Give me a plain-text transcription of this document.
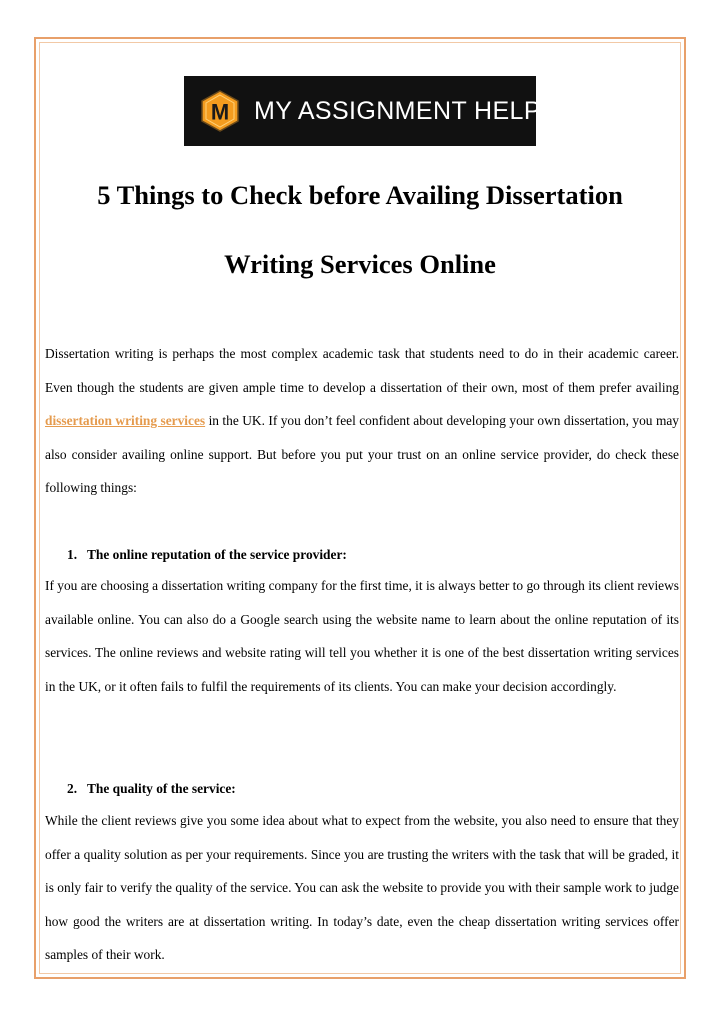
M MY ASSIGNMENT HELP
5 Things to Check before Availing Dissertation
Writing Services Online

Dissertation writing is perhaps the most complex academic task that students need to do in their academic career. Even though the students are given ample time to develop a dissertation of their own, most of them prefer availing dissertation writing services in the UK. If you don’t feel confident about developing your own dissertation, you may also consider availing online support. But before you put your trust on an online service provider, do check these following things:

1. The online reputation of the service provider:

If you are choosing a dissertation writing company for the first time, it is always better to go through its client reviews available online. You can also do a Google search using the website name to learn about the online reputation of its services. The online reviews and website rating will tell you whether it is one of the best dissertation writing services in the UK, or it often fails to fulfil the requirements of its clients. You can make your decision accordingly.

2. The quality of the service:

While the client reviews give you some idea about what to expect from the website, you also need to ensure that they offer a quality solution as per your requirements. Since you are trusting the writers with the task that will be graded, it is only fair to verify the quality of the service. You can ask the website to provide you with their sample work to judge how good the writers are at dissertation writing. In today’s date, even the cheap dissertation writing services offer samples of their work.
